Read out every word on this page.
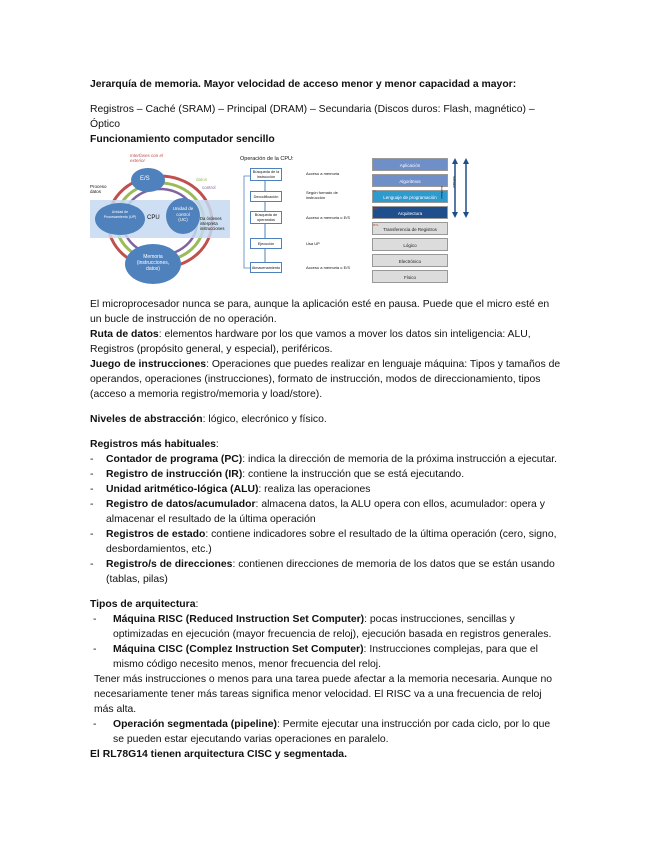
Jerarquía de memoria. Mayor velocidad de acceso menor y menor capacidad a mayor:
Registros – Caché (SRAM) – Principal (DRAM) – Secundaria (Discos duros: Flash, magnético) –
Óptico
Funcionamiento computador sencillo
Interfases con el exterior
E/S
Proceso datos
datos
control
Unidad de Procesamiento (UP) CPU
Unidad de control (UC)	Da órdenes interpreta instrucciones
Memoria (instrucciones, datos)
Operación de la CPU:
Búsqueda de la instrucción
Decodificación
Búsqueda de operandos
Ejecución
Almacenamiento
Acceso a memoria
Según formato de instrucción
Acceso a memoria o E/S
Usa UP
Acceso a memoria o E/S
Aplicación
Algoritmos
Lenguaje de programación
Arquitectura
Transferencia de Registros
Lógico
Electrónico
Físico
HL
ISA
RTL
Hardware
Software
El microprocesador nunca se para, aunque la aplicación esté en pausa. Puede que el micro esté en
un bucle de instrucción de no operación.
Ruta de datos: elementos hardware por los que vamos a mover los datos sin inteligencia: ALU,
Registros (propósito general, y especial), periféricos.
Juego de instrucciones: Operaciones que puedes realizar en lenguaje máquina: Tipos y tamaños de
operandos, operaciones (instrucciones), formato de instrucción, modos de direccionamiento, tipos
(acceso a memoria registro/memoria y load/store).
Niveles de abstracción: lógico, elecrónico y físico.
Registros más habituales:
- Contador de programa (PC): indica la dirección de memoria de la próxima instrucción a ejecutar.
- Registro de instrucción (IR): contiene la instrucción que se está ejecutando.
- Unidad aritmético-lógica (ALU): realiza las operaciones
- Registro de datos/acumulador: almacena datos, la ALU opera con ellos, acumulador: opera y
almacenar el resultado de la última operación
- Registros de estado: contiene indicadores sobre el resultado de la última operación (cero, signo,
desbordamientos, etc.)
- Registro/s de direcciones: contienen direcciones de memoria de los datos que se están usando
(tablas, pilas)
Tipos de arquitectura:
- Máquina RISC (Reduced Instruction Set Computer): pocas instrucciones, sencillas y
optimizadas en ejecución (mayor frecuencia de reloj), ejecución basada en registros generales.
- Máquina CISC (Complez Instruction Set Computer): Instrucciones complejas, para que el
mismo código necesito menos, menor frecuencia del reloj.
Tener más instrucciones o menos para una tarea puede afectar a la memoria necesaria. Aunque no
necesariamente tener más tareas significa menor velocidad. El RISC va a una frecuencia de reloj
más alta.
- Operación segmentada (pipeline): Permite ejecutar una instrucción por cada ciclo, por lo que
se pueden estar ejecutando varias operaciones en paralelo.
El RL78G14 tienen arquitectura CISC y segmentada.
